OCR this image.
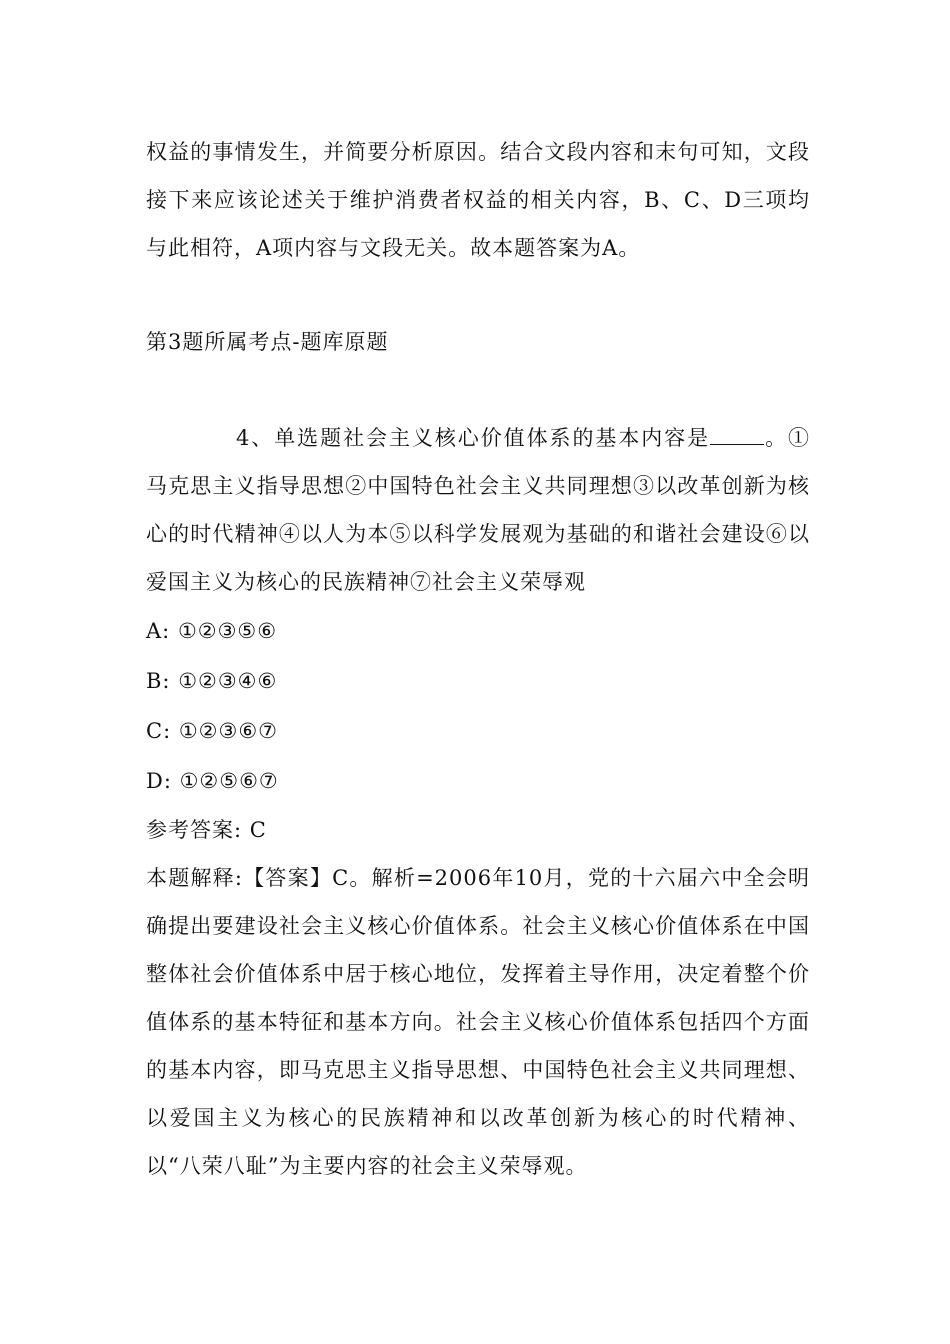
权益的事情发生，并简要分析原因。结合文段内容和末句可知，文段接下来应该论述关于维护消费者权益的相关内容，B、C、D三项均与此相符，A项内容与文段无关。故本题答案为A。

第3题所属考点-题库原题

4、单选题社会主义核心价值体系的基本内容是	。①马克思主义指导思想②中国特色社会主义共同理想③以改革创新为核心的时代精神④以人为本⑤以科学发展观为基础的和谐社会建设⑥以爱国主义为核心的民族精神⑦社会主义荣辱观

A: ①②③⑤⑥

B: ①②③④⑥

C: ①②③⑥⑦

D: ①②⑤⑥⑦

参考答案: C

本题解释:【答案】C。解析=2006年10月，党的十六届六中全会明确提出要建设社会主义核心价值体系。社会主义核心价值体系在中国整体社会价值体系中居于核心地位，发挥着主导作用，决定着整个价值体系的基本特征和基本方向。社会主义核心价值体系包括四个方面的基本内容，即马克思主义指导思想、中国特色社会主义共同理想、以爱国主义为核心的民族精神和以改革创新为核心的时代精神、以“八荣八耻”为主要内容的社会主义荣辱观。
